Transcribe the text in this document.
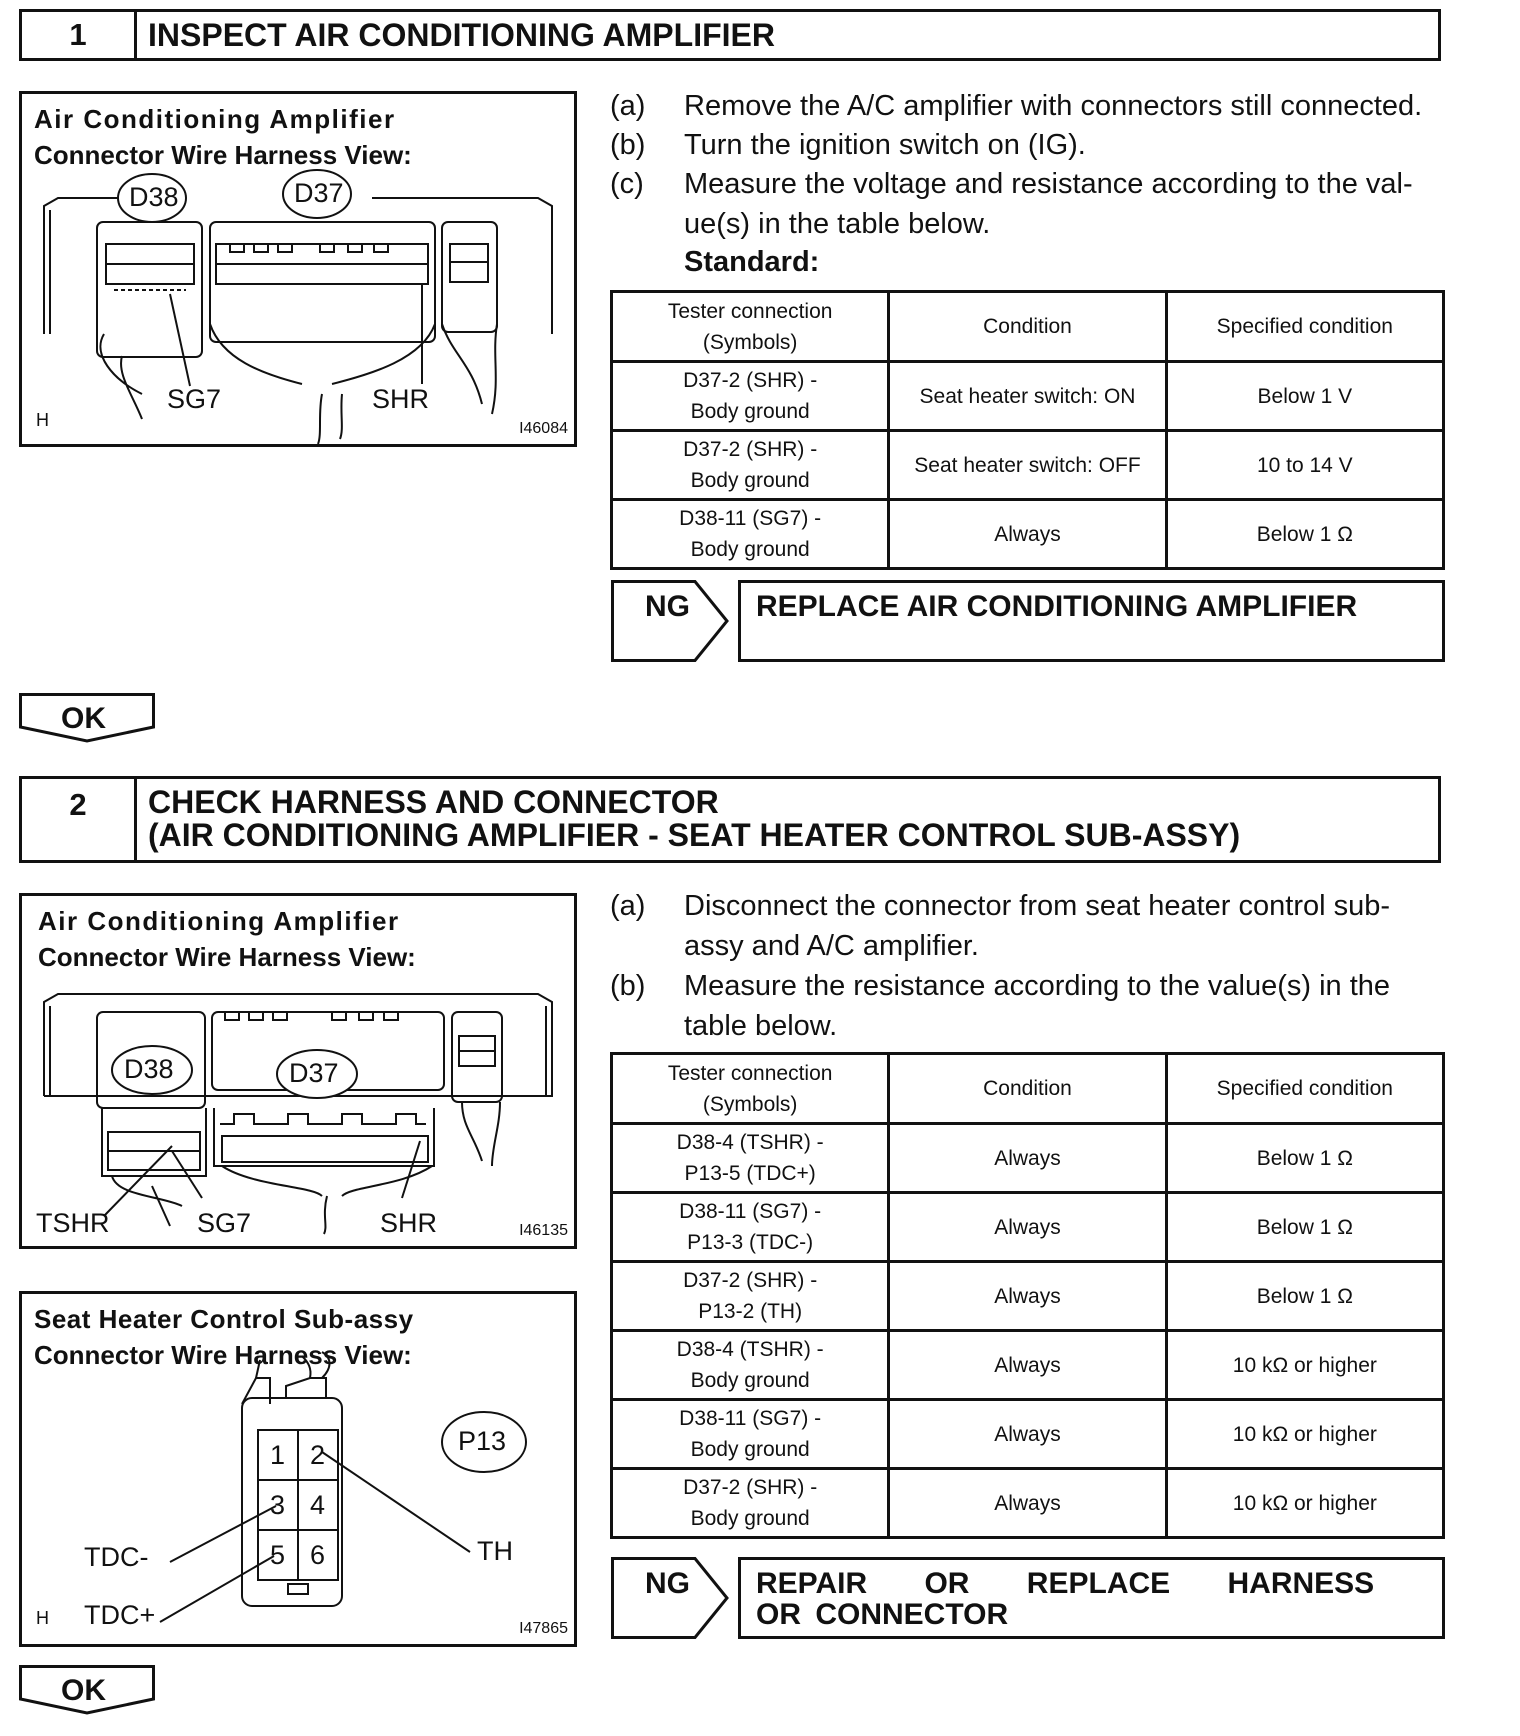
1	INSPECT AIR CONDITIONING AMPLIFIER
Air Conditioning Amplifier
Connector Wire Harness View:
D38	D37
SG7	SHR
H	I46084
(a) Remove the A/C amplifier with connectors still connected.
(b) Turn the ignition switch on (IG).
(c) Measure the voltage and resistance according to the val-ue(s) in the table below.
Standard:
Tester connection (Symbols)	Condition	Specified condition

D37-2 (SHR) -
Body ground	Seat heater switch: ON	Below 1 V

D37-2 (SHR) -
Body ground	Seat heater switch: OFF	10 to 14 V

D38-11 (SG7) -
Body ground	Always	Below 1 Ω
NG REPLACE AIR CONDITIONING AMPLIFIER
OK
2	CHECK HARNESS AND CONNECTOR
(AIR CONDITIONING AMPLIFIER - SEAT HEATER CONTROL SUB-ASSY)
Air Conditioning Amplifier
Connector Wire Harness View:
D38	D37
TSHR	SG7	SHR	I46135
Seat Heater Control Sub-assy
Connector Wire Harness View:
P13
1 2
3 4
5 6
TDC-	TH
TDC+
H
I47865
(a) Disconnect the connector from seat heater control sub-assy and A/C amplifier.
(b) Measure the resistance according to the value(s) in the table below.
Tester connection (Symbols)	Condition	Specified condition

D38-4 (TSHR) -
P13-5 (TDC+)	Always	Below 1 Ω

D38-11 (SG7) -
P13-3 (TDC-)	Always	Below 1 Ω

D37-2 (SHR) -
P13-2 (TH)	Always	Below 1 Ω

D38-4 (TSHR) -
Body ground	Always	10 kΩ or higher

D38-11 (SG7) -
Body ground	Always	10 kΩ or higher

D37-2 (SHR) -
Body ground	Always	10 kΩ or higher
NG REPAIR    OR    REPLACE    HARNESS    OR CONNECTOR
OK
